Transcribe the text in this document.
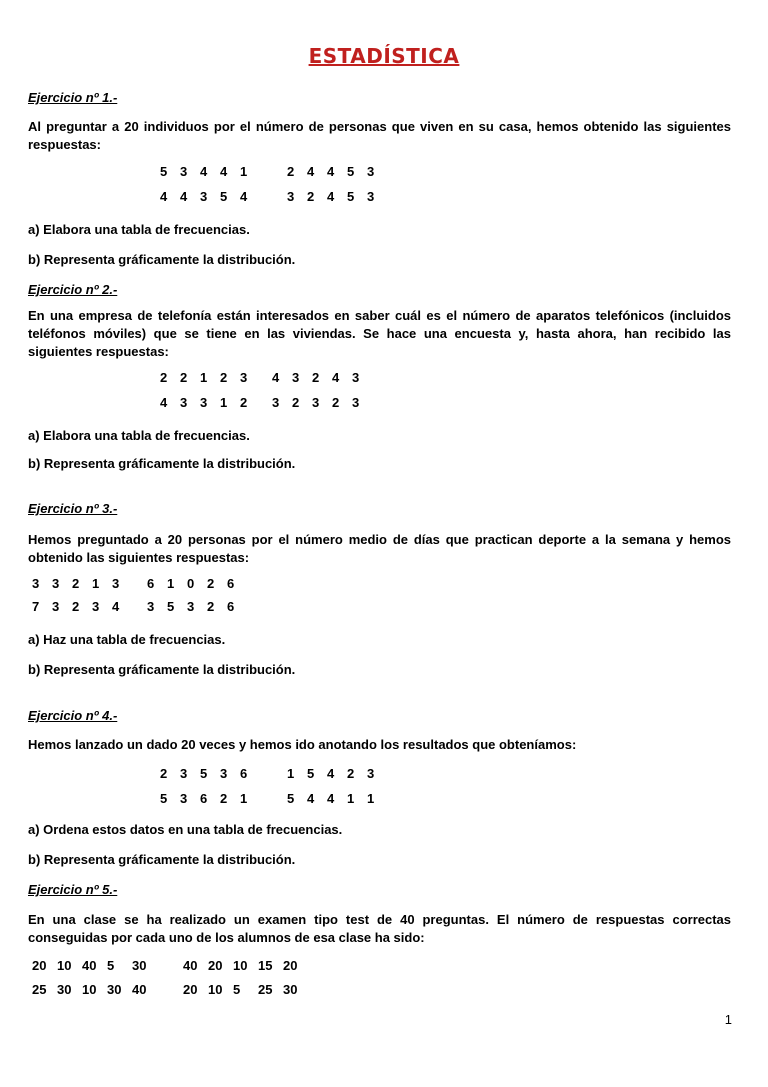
ESTADÍSTICA
Ejercicio nº 1.-
Al preguntar a 20 individuos por el número de personas que viven en su casa, hemos obtenido las siguientes respuestas:
5 3 4 4 1	2 4 4 5 3
4 4 3 5 4	3 2 4 5 3
a) Elabora una tabla de frecuencias.
b) Representa gráficamente la distribución.
Ejercicio nº 2.-
En una empresa de telefonía están interesados en saber cuál es el número de aparatos telefónicos (incluidos teléfonos móviles) que se tiene en las viviendas. Se hace una encuesta y, hasta ahora, han recibido las siguientes respuestas:
2 2 1 2 3	4 3 2 4 3
4 3 3 1 2	3 2 3 2 3
a) Elabora una tabla de frecuencias.
b) Representa gráficamente la distribución.
Ejercicio nº 3.-
Hemos preguntado a 20 personas por el número medio de días que practican deporte a la semana y hemos obtenido las siguientes respuestas:
3 3 2 1 3	6 1 0 2 6
7 3 2 3 4	3 5 3 2 6
a) Haz una tabla de frecuencias.
b) Representa gráficamente la distribución.
Ejercicio nº 4.-
Hemos lanzado un dado 20 veces y hemos ido anotando los resultados que obteníamos:
2 3 5 3 6	1 5 4 2 3
5 3 6 2 1	5 4 4 1 1
a) Ordena estos datos en una tabla de frecuencias.
b) Representa gráficamente la distribución.
Ejercicio nº 5.-
En una clase se ha realizado un examen tipo test de 40 preguntas. El número de respuestas correctas conseguidas por cada uno de los alumnos de esa clase ha sido:
20 10 40 5	30	40 20 10 15 20
25 30 10 30 40	20 10 5	25 30
1
